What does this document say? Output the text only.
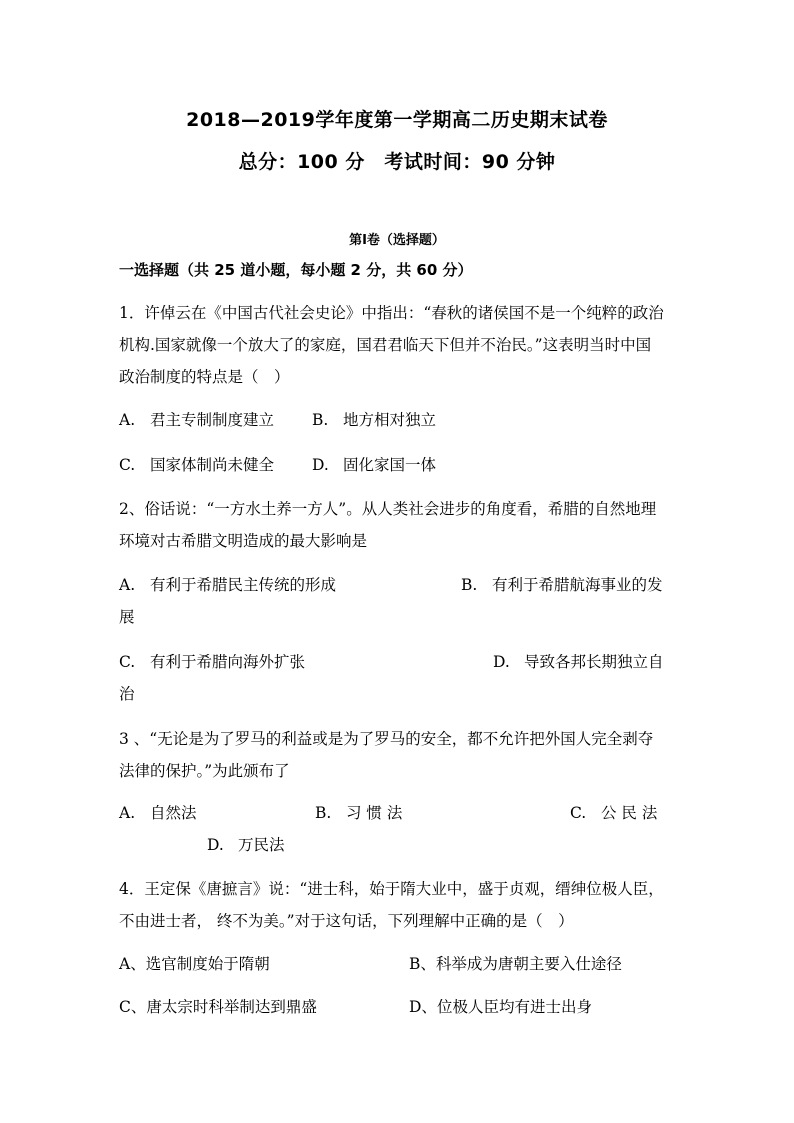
2018—2019学年度第一学期高二历史期末试卷
总分：100 分　考试时间：90 分钟
第Ⅰ卷（选择题）
一选择题（共 25 道小题，每小题 2 分，共 60 分）
1．许倬云在《中国古代社会史论》中指出：“春秋的诸侯国不是一个纯粹的政治
机构.国家就像一个放大了的家庭，国君君临天下但并不治民。”这表明当时中国
政治制度的特点是（　）
A. 君主专制制度建立 B. 地方相对独立
C. 国家体制尚未健全 D. 固化家国一体
2、俗话说：“一方水土养一方人”。从人类社会进步的角度看，希腊的自然地理
环境对古希腊文明造成的最大影响是
A. 有利于希腊民主传统的形成	B. 有利于希腊航海事业的发
展
C. 有利于希腊向海外扩张	D. 导致各邦长期独立自
治
3 、“无论是为了罗马的利益或是为了罗马的安全，都不允许把外国人完全剥夺
法律的保护。”为此颁布了
A. 自然法	B. 习 惯 法	C. 公 民 法
D. 万民法
4．王定保《唐摭言》说：“进士科，始于隋大业中，盛于贞观，缙绅位极人臣，
不由进士者， 终不为美。”对于这句话，下列理解中正确的是（　）
A、选官制度始于隋朝	B、科举成为唐朝主要入仕途径
C、唐太宗时科举制达到鼎盛	D、位极人臣均有进士出身
